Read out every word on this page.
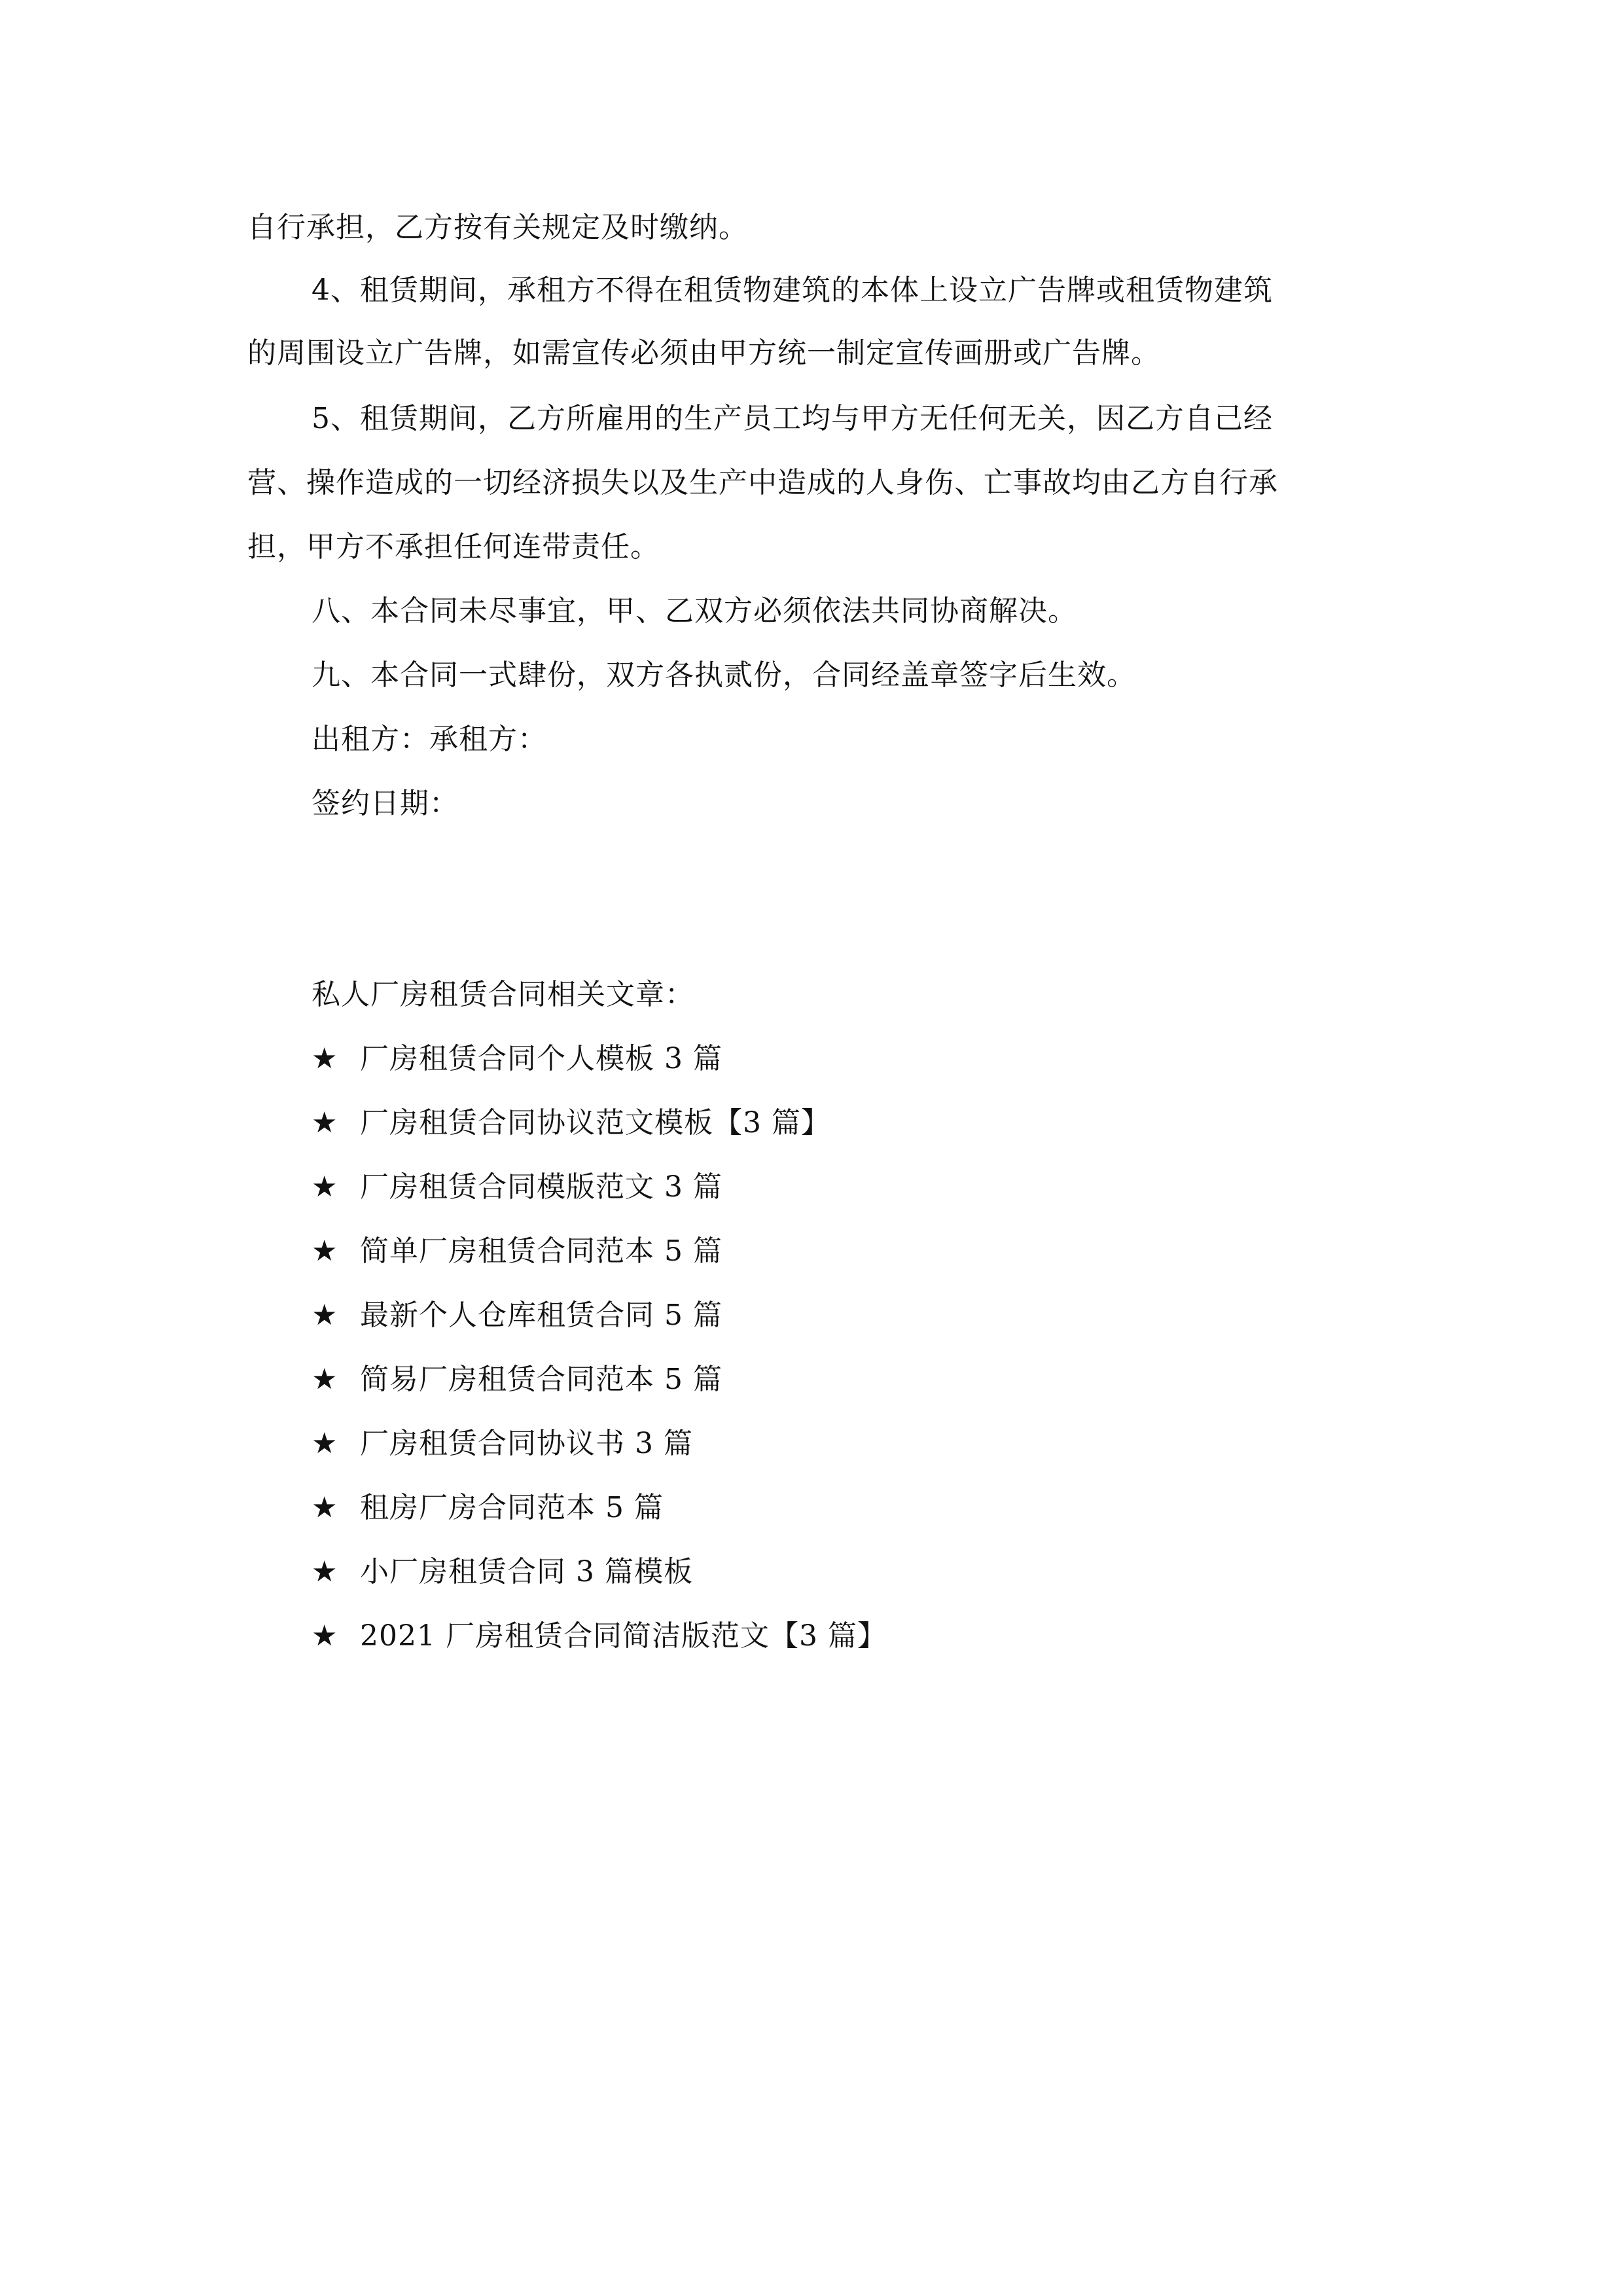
自行承担，乙方按有关规定及时缴纳。
4、租赁期间，承租方不得在租赁物建筑的本体上设立广告牌或租赁物建筑
的周围设立广告牌，如需宣传必须由甲方统一制定宣传画册或广告牌。
5、租赁期间，乙方所雇用的生产员工均与甲方无任何无关，因乙方自己经
营、操作造成的一切经济损失以及生产中造成的人身伤、亡事故均由乙方自行承
担，甲方不承担任何连带责任。
八、本合同未尽事宜，甲、乙双方必须依法共同协商解决。
九、本合同一式肆份，双方各执贰份，合同经盖章签字后生效。
出租方：承租方：
签约日期：
私人厂房租赁合同相关文章：
★ 厂房租赁合同个人模板 3 篇
★ 厂房租赁合同协议范文模板【3 篇】
★ 厂房租赁合同模版范文 3 篇
★ 简单厂房租赁合同范本 5 篇
★ 最新个人仓库租赁合同 5 篇
★ 简易厂房租赁合同范本 5 篇
★ 厂房租赁合同协议书 3 篇
★ 租房厂房合同范本 5 篇
★ 小厂房租赁合同 3 篇模板
★ 2021 厂房租赁合同简洁版范文【3 篇】
